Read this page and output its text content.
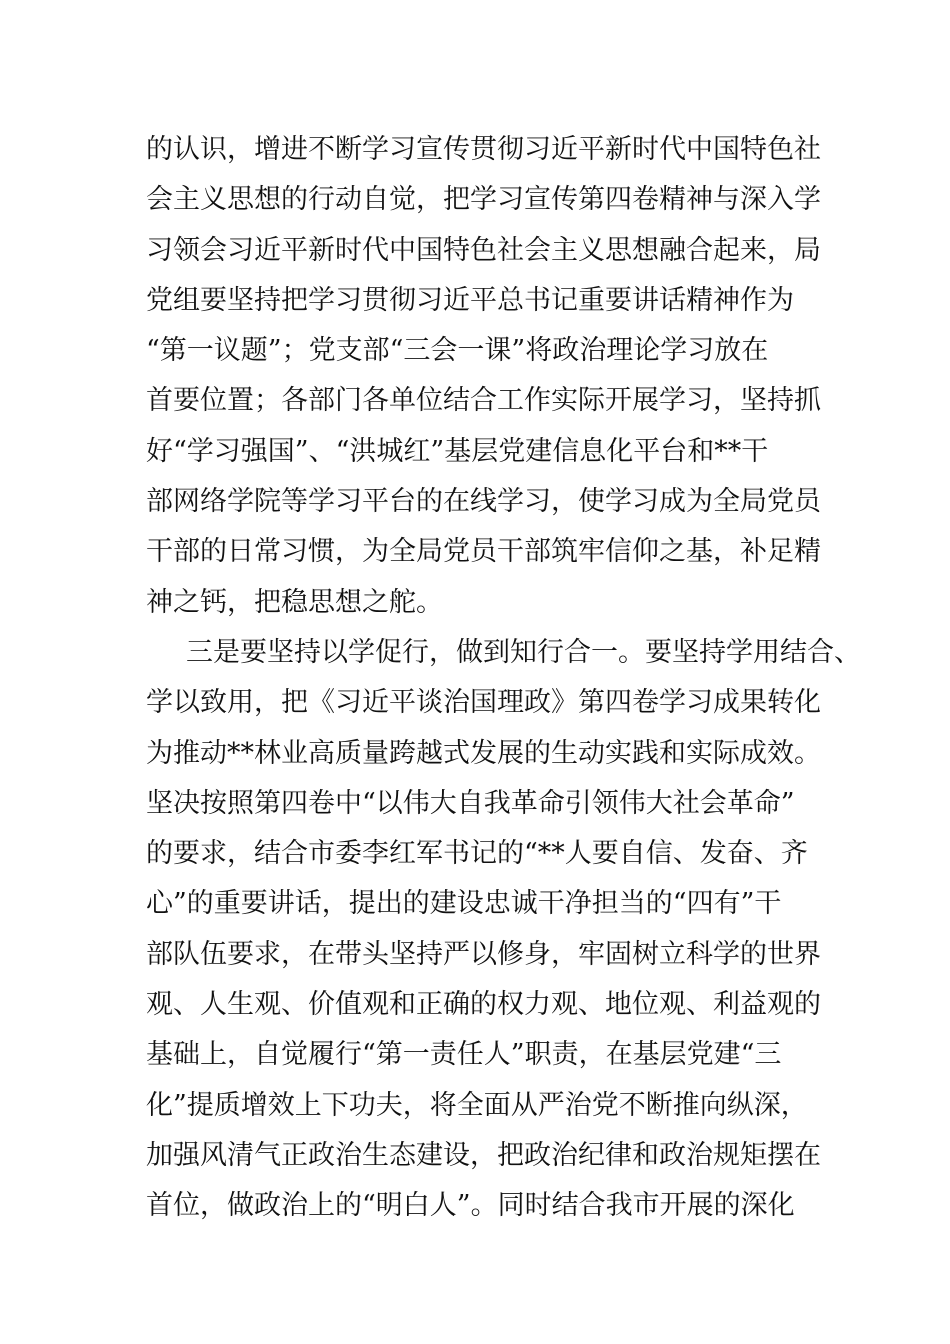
的认识，增进不断学习宣传贯彻习近平新时代中国特色社
会主义思想的行动自觉，把学习宣传第四卷精神与深入学
习领会习近平新时代中国特色社会主义思想融合起来，局
党组要坚持把学习贯彻习近平总书记重要讲话精神作为
“第一议题”；党支部“三会一课”将政治理论学习放在
首要位置；各部门各单位结合工作实际开展学习，坚持抓
好“学习强国”、“洪城红”基层党建信息化平台和**干
部网络学院等学习平台的在线学习，使学习成为全局党员
干部的日常习惯，为全局党员干部筑牢信仰之基，补足精
神之钙，把稳思想之舵。
三是要坚持以学促行，做到知行合一。要坚持学用结合、
学以致用，把《习近平谈治国理政》第四卷学习成果转化
为推动**林业高质量跨越式发展的生动实践和实际成效。
坚决按照第四卷中“以伟大自我革命引领伟大社会革命”
的要求，结合市委李红军书记的“**人要自信、发奋、齐
心”的重要讲话，提出的建设忠诚干净担当的“四有”干
部队伍要求，在带头坚持严以修身，牢固树立科学的世界
观、人生观、价值观和正确的权力观、地位观、利益观的
基础上，自觉履行“第一责任人”职责，在基层党建“三
化”提质增效上下功夫，将全面从严治党不断推向纵深，
加强风清气正政治生态建设，把政治纪律和政治规矩摆在
首位，做政治上的“明白人”。同时结合我市开展的深化
